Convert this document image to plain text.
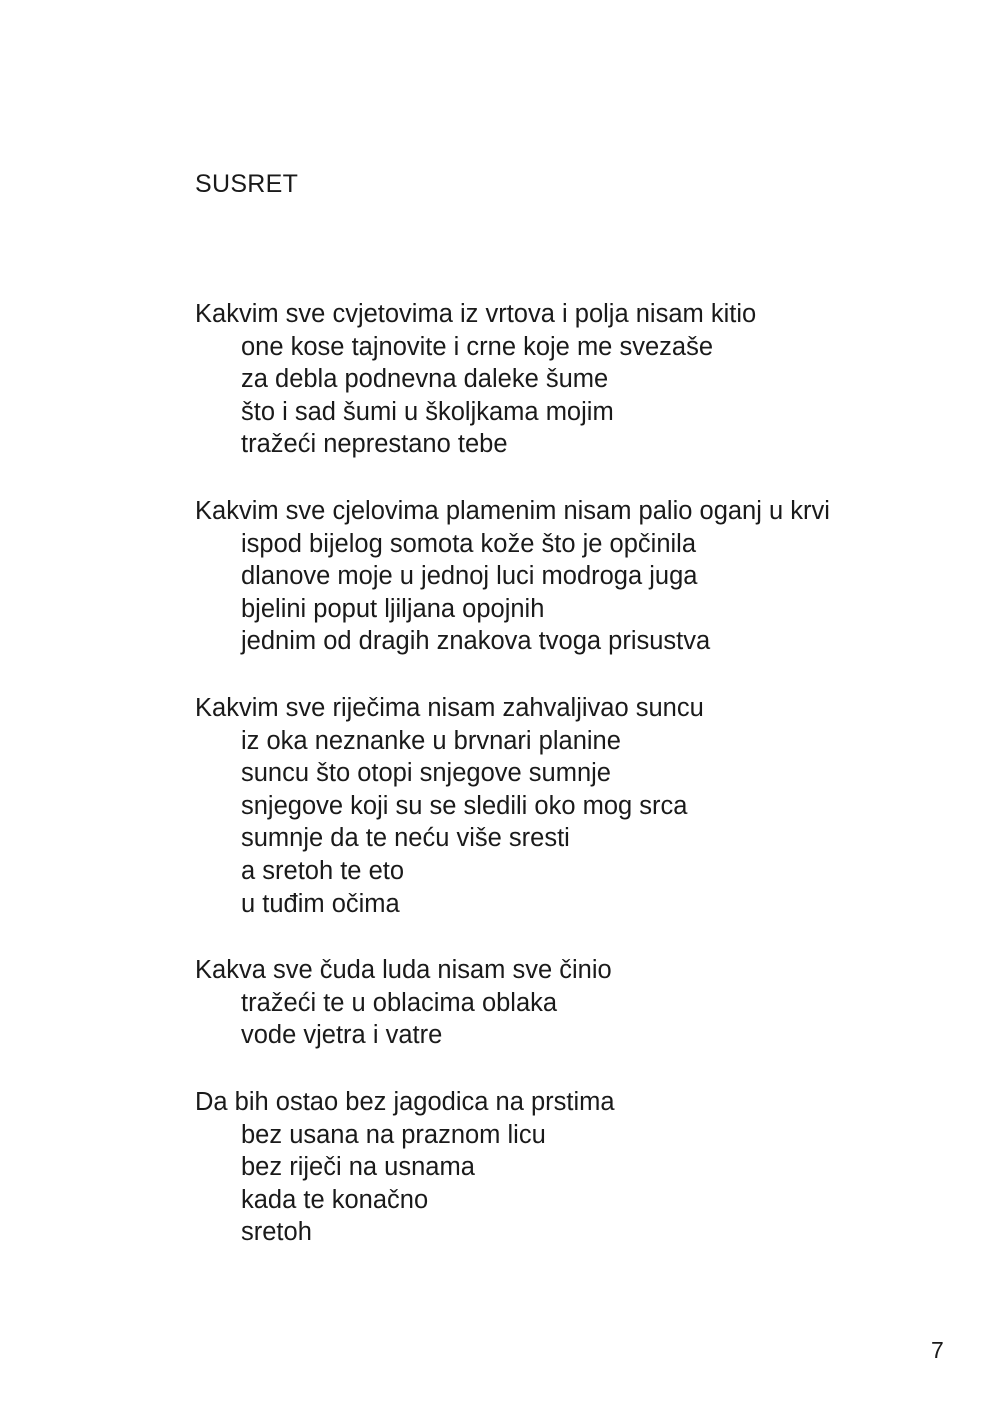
SUSRET
Kakvim sve cvjetovima iz vrtova i polja nisam kitio
one kose tajnovite i crne koje me svezaše
za debla podnevna daleke šume
što i sad šumi u školjkama mojim
tražeći neprestano tebe
Kakvim sve cjelovima plamenim nisam palio oganj u krvi
ispod bijelog somota kože što je opčinila
dlanove moje u jednoj luci modroga juga
bjelini poput ljiljana opojnih
jednim od dragih znakova tvoga prisustva
Kakvim sve riječima nisam zahvaljivao suncu
iz oka neznanke u brvnari planine
suncu što otopi snjegove sumnje
snjegove koji su se sledili oko mog srca
sumnje da te neću više sresti
a sretoh te eto
u tuđim očima
Kakva sve čuda luda nisam sve činio
tražeći te u oblacima oblaka
vode vjetra i vatre
Da bih ostao bez jagodica na prstima
bez usana na praznom licu
bez riječi na usnama
kada te konačno
sretoh
7
